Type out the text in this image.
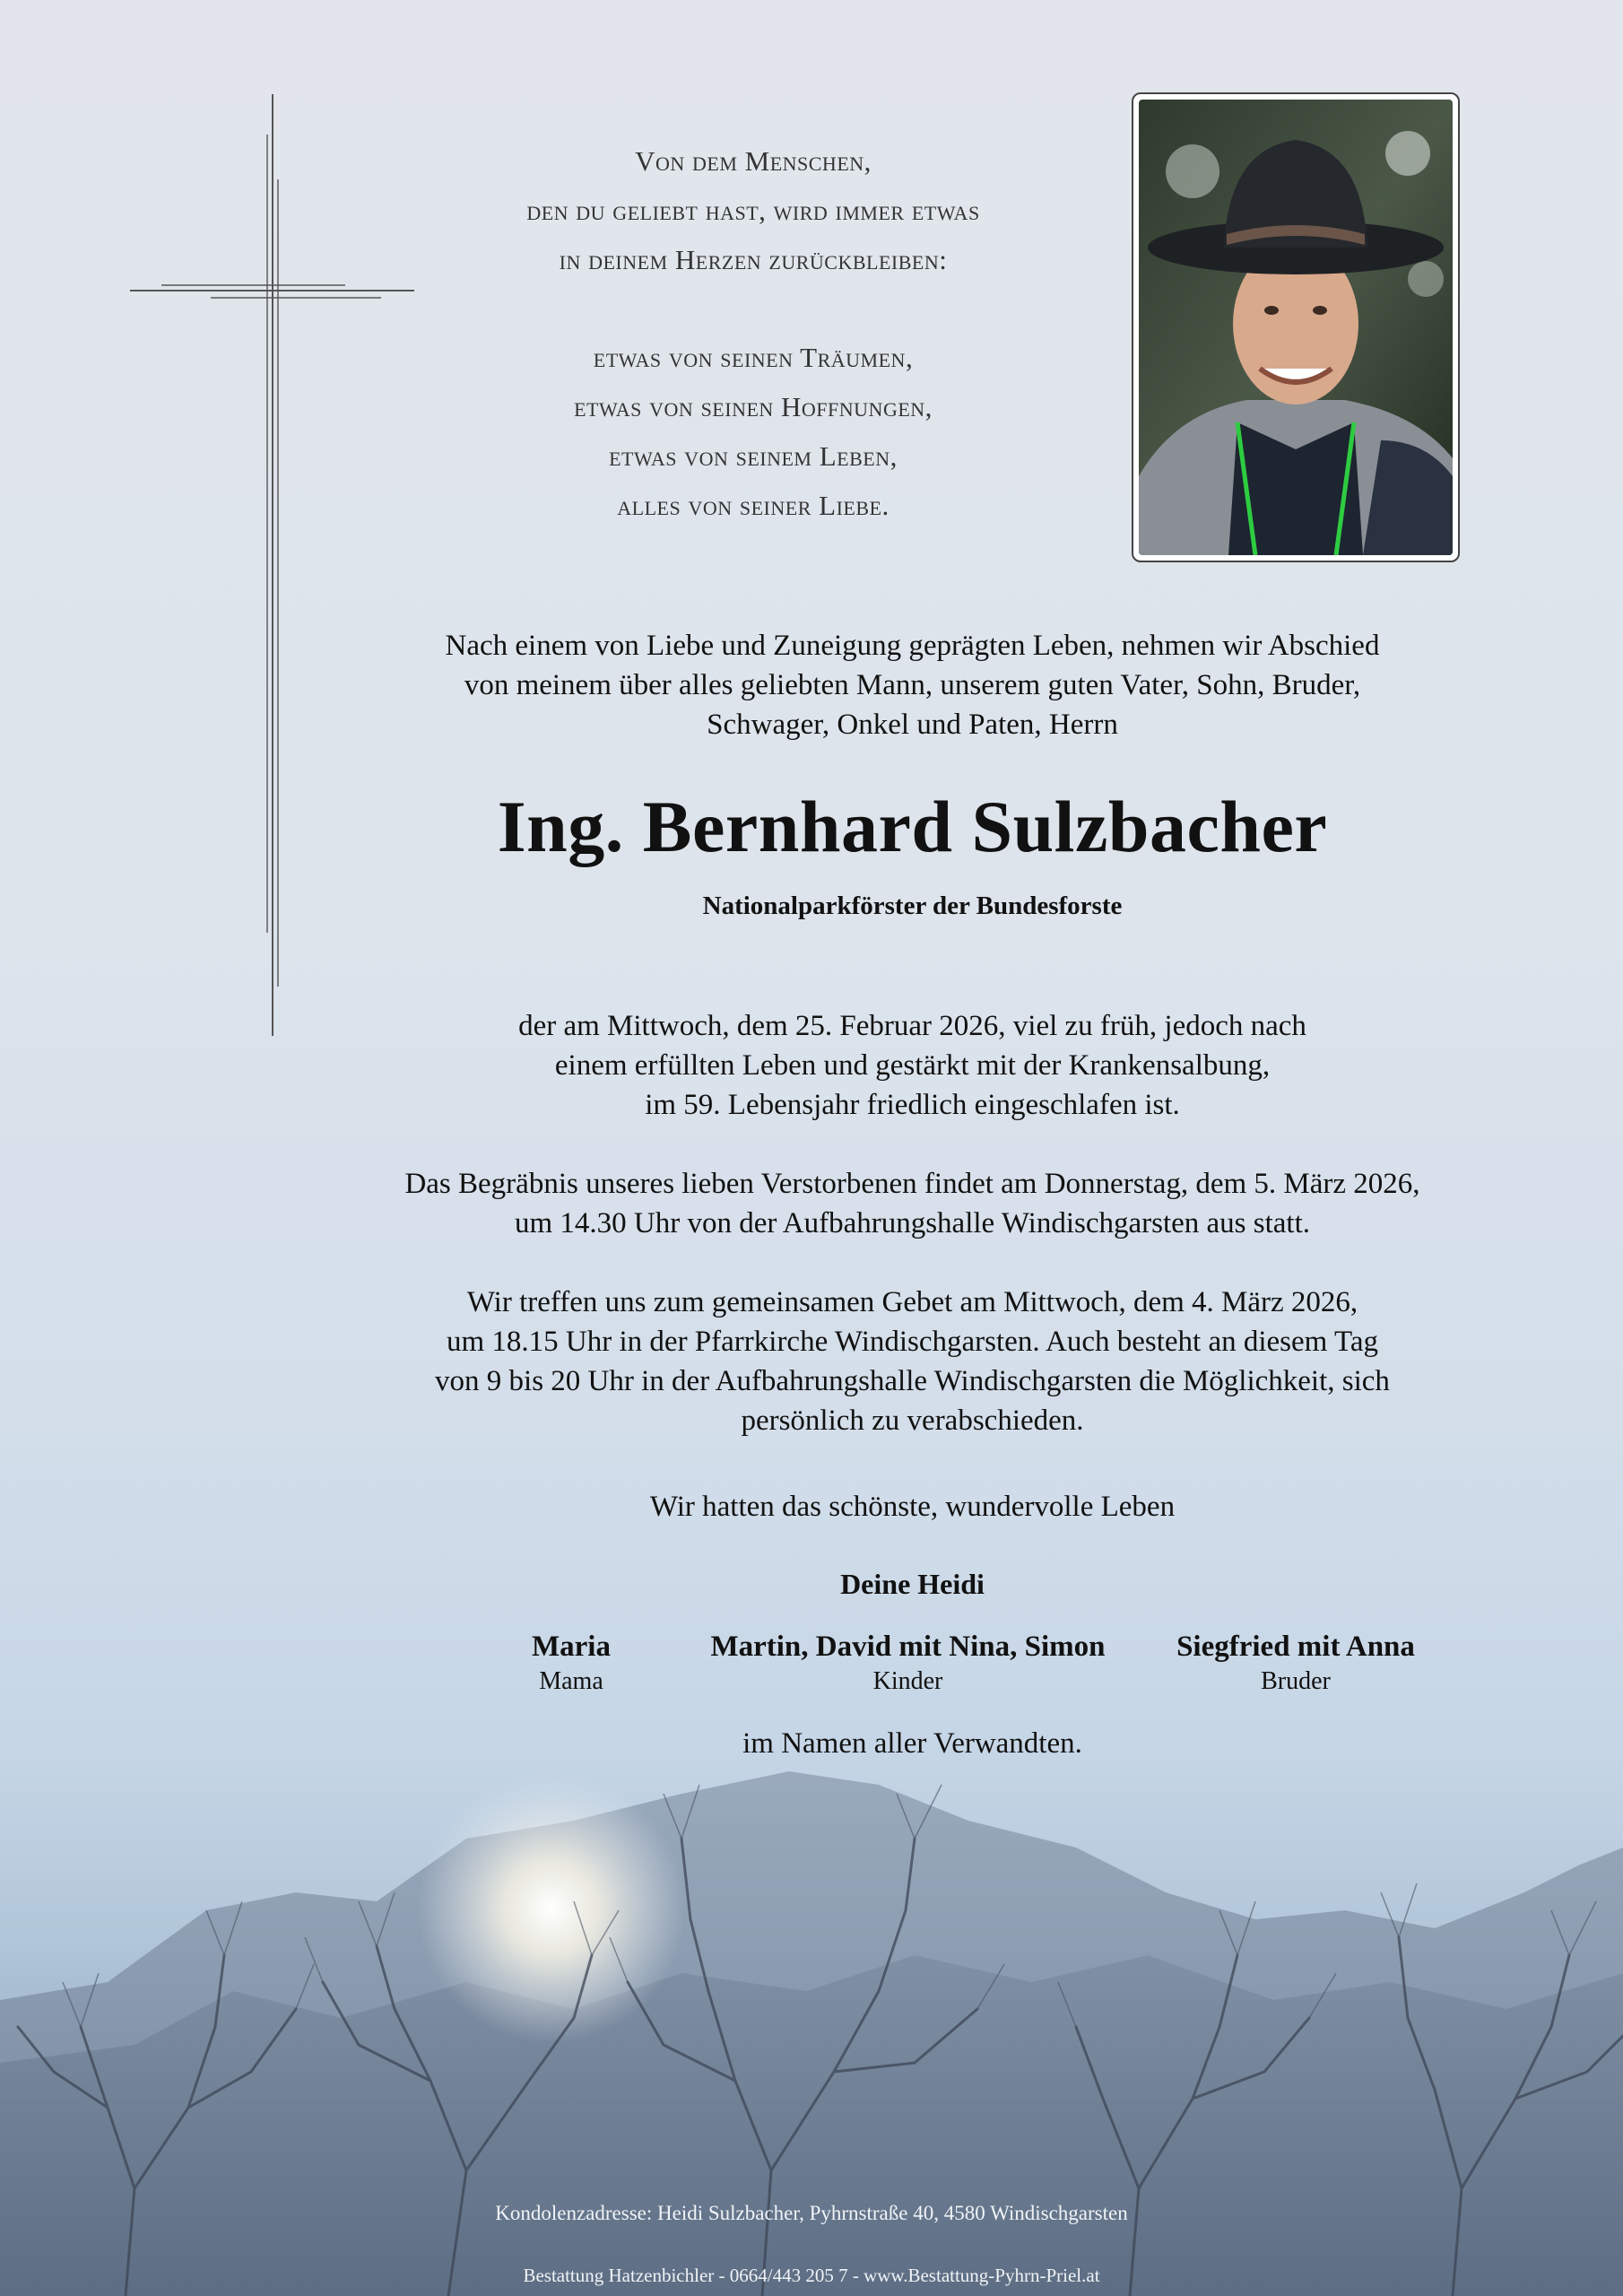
Von dem Menschen,
den du geliebt hast, wird immer etwas
in deinem Herzen zurückbleiben:
etwas von seinen Träumen,
etwas von seinen Hoffnungen,
etwas von seinem Leben,
alles von seiner Liebe.
Nach einem von Liebe und Zuneigung geprägten Leben, nehmen wir Abschied
von meinem über alles geliebten Mann, unserem guten Vater, Sohn, Bruder,
Schwager, Onkel und Paten, Herrn
Ing. Bernhard Sulzbacher
Nationalparkförster der Bundesforste
der am Mittwoch, dem 25. Februar 2026, viel zu früh, jedoch nach
einem erfüllten Leben und gestärkt mit der Krankensalbung,
im 59. Lebensjahr friedlich eingeschlafen ist.
Das Begräbnis unseres lieben Verstorbenen findet am Donnerstag, dem 5. März 2026,
um 14.30 Uhr von der Aufbahrungshalle Windischgarsten aus statt.
Wir treffen uns zum gemeinsamen Gebet am Mittwoch, dem 4. März 2026,
um 18.15 Uhr in der Pfarrkirche Windischgarsten. Auch besteht an diesem Tag
von 9 bis 20 Uhr in der Aufbahrungshalle Windischgarsten die Möglichkeit, sich
persönlich zu verabschieden.
Wir hatten das schönste, wundervolle Leben
Deine Heidi
Maria
Mama
Martin, David mit Nina, Simon
Kinder
Siegfried mit Anna
Bruder
im Namen aller Verwandten.
Kondolenzadresse: Heidi Sulzbacher, Pyhrnstraße 40, 4580 Windischgarsten
Bestattung Hatzenbichler - 0664/443 205 7 - www.Bestattung-Pyhrn-Priel.at
